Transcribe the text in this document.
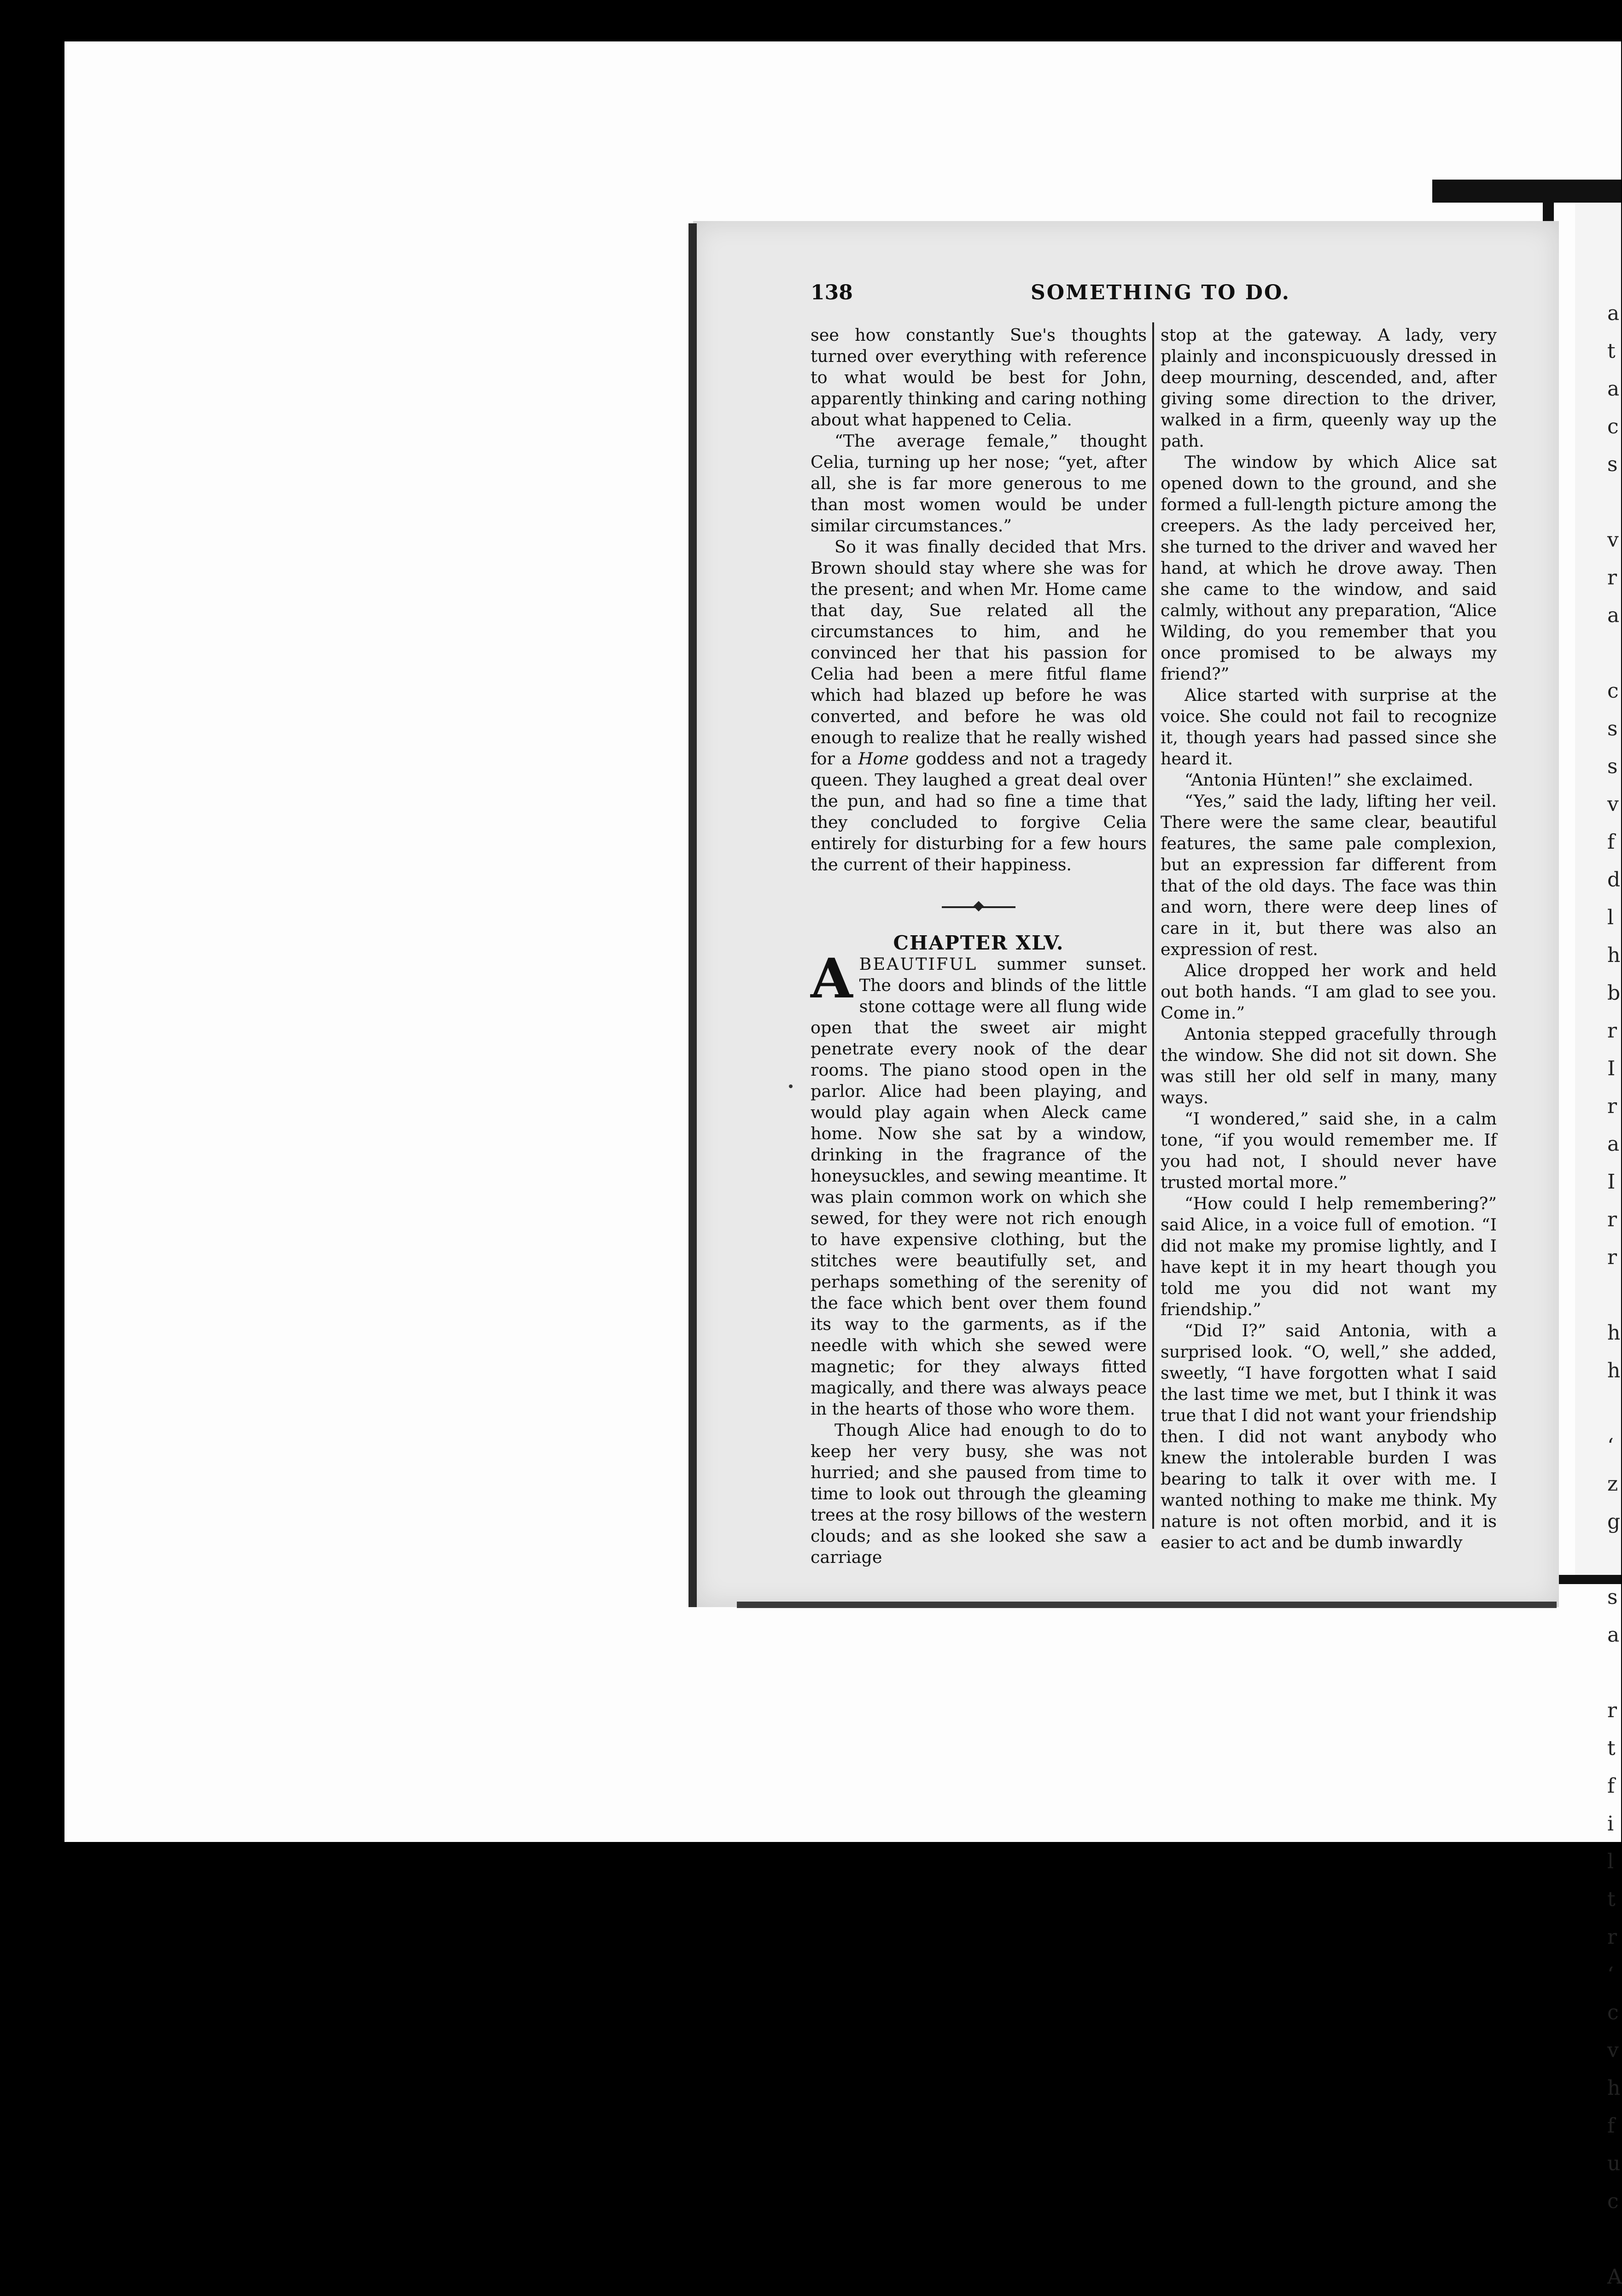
a
t
a
c
s

v
r
a

c
s
s
v
f
d
l
h
b
r
I
r
a
I
r
r

h
h

‘
z
g

s
a

r
t
f
i
l
t
r
‘
c
v
h
f
u
c

A
138	SOMETHING TO DO.

see how constantly Sue's thoughts turned over everything with reference to what would be best for John, apparently thinking and caring nothing about what happened to Celia.

“The average female,” thought Celia, turning up her nose; “yet, after all, she is far more generous to me than most women would be under similar circumstances.”

So it was finally decided that Mrs. Brown should stay where she was for the present; and when Mr. Home came that day, Sue related all the circumstances to him, and he convinced her that his passion for Celia had been a mere fitful flame which had blazed up before he was converted, and before he was old enough to realize that he really wished for a Home goddess and not a tragedy queen. They laughed a great deal over the pun, and had so fine a time that they concluded to forgive Celia entirely for disturbing for a few hours the current of their happiness.

CHAPTER XLV.

ABEAUTIFUL summer sunset. The doors and blinds of the little stone cottage were all flung wide open that the sweet air might penetrate every nook of the dear rooms. The piano stood open in the parlor. Alice had been playing, and would play again when Aleck came home. Now she sat by a window, drinking in the fragrance of the honeysuckles, and sewing meantime. It was plain common work on which she sewed, for they were not rich enough to have expensive clothing, but the stitches were beautifully set, and perhaps something of the serenity of the face which bent over them found its way to the garments, as if the needle with which she sewed were magnetic; for they always fitted magically, and there was always peace in the hearts of those who wore them.

Though Alice had enough to do to keep her very busy, she was not hurried; and she paused from time to time to look out through the gleaming trees at the rosy billows of the western clouds; and as she looked she saw a carriage

stop at the gateway. A lady, very plainly and inconspicuously dressed in deep mourning, descended, and, after giving some direction to the driver, walked in a firm, queenly way up the path.

The window by which Alice sat opened down to the ground, and she formed a full-length picture among the creepers. As the lady perceived her, she turned to the driver and waved her hand, at which he drove away. Then she came to the window, and said calmly, without any preparation, “Alice Wilding, do you remember that you once promised to be always my friend?”

Alice started with surprise at the voice. She could not fail to recognize it, though years had passed since she heard it.

“Antonia Hünten!” she exclaimed.

“Yes,” said the lady, lifting her veil. There were the same clear, beautiful features, the same pale complexion, but an expression far different from that of the old days. The face was thin and worn, there were deep lines of care in it, but there was also an expression of rest.

Alice dropped her work and held out both hands. “I am glad to see you. Come in.”

Antonia stepped gracefully through the window. She did not sit down. She was still her old self in many, many ways.

“I wondered,” said she, in a calm tone, “if you would remember me. If you had not, I should never have trusted mortal more.”

“How could I help remembering?” said Alice, in a voice full of emotion. “I did not make my promise lightly, and I have kept it in my heart though you told me you did not want my friendship.”

“Did I?” said Antonia, with a surprised look. “O, well,” she added, sweetly, “I have forgotten what I said the last time we met, but I think it was true that I did not want your friendship then. I did not want anybody who knew the intolerable burden I was bearing to talk it over with me. I wanted nothing to make me think. My nature is not often morbid, and it is easier to act and be dumb inwardly
